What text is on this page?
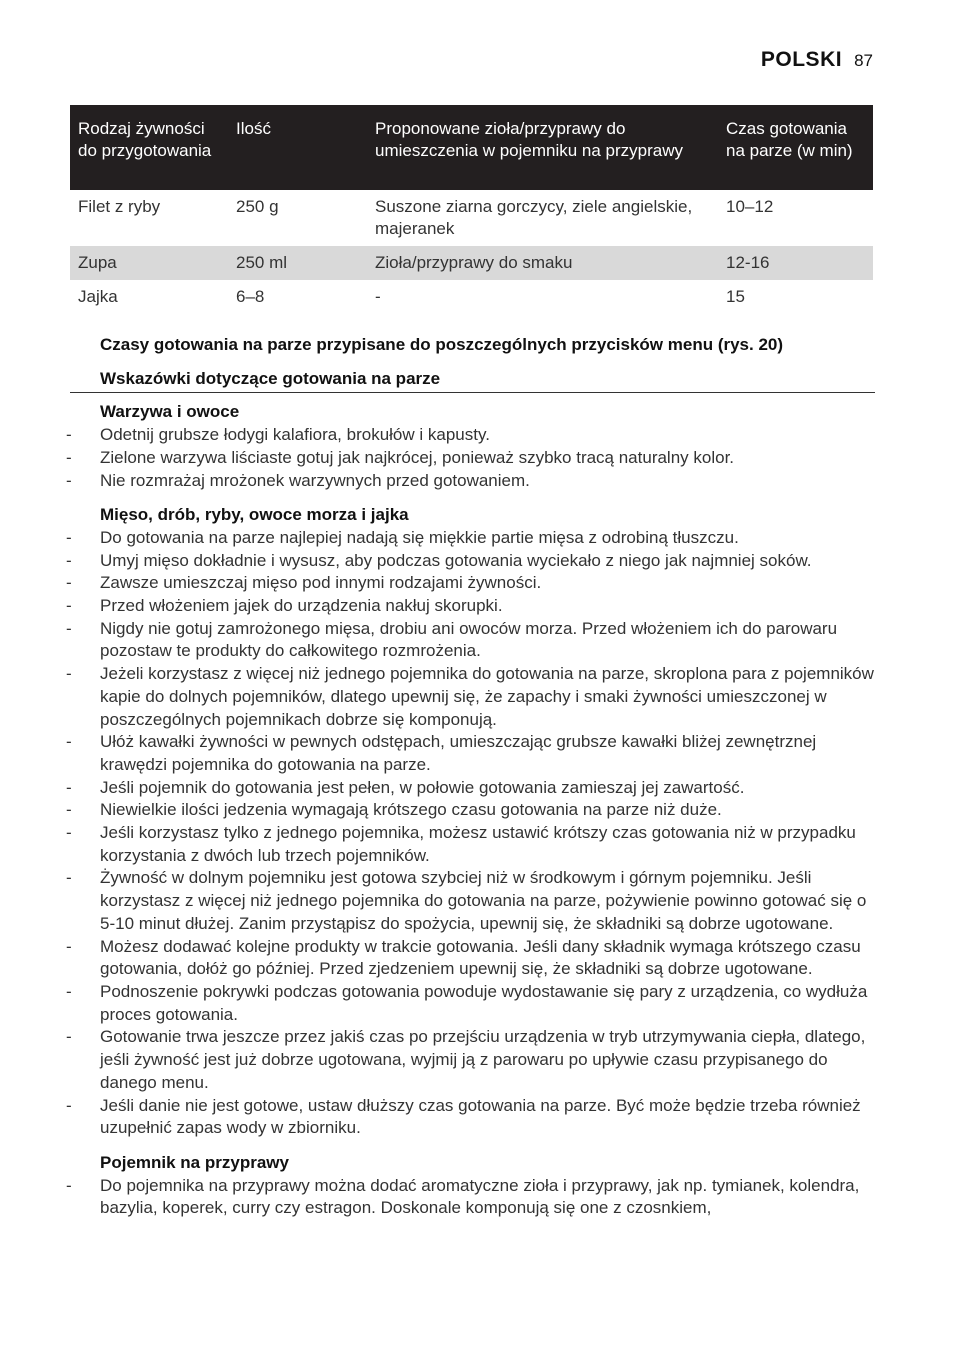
POLSKI 87
Rodzaj żywności do przygotowania	Ilość	Proponowane zioła/przyprawy do umieszczenia w pojemniku na przyprawy	Czas gotowania na parze (w min)
Filet z ryby	250 g	Suszone ziarna gorczycy, ziele angielskie, majeranek	10–12
Zupa	250 ml	Zioła/przyprawy do smaku	12-16
Jajka	6–8	-	15
Czasy gotowania na parze przypisane do poszczególnych przycisków menu (rys. 20)
Wskazówki dotyczące gotowania na parze
Warzywa i owoce
- Odetnij grubsze łodygi kalafiora, brokułów i kapusty.
- Zielone warzywa liściaste gotuj jak najkrócej, ponieważ szybko tracą naturalny kolor.
- Nie rozmrażaj mrożonek warzywnych przed gotowaniem.
Mięso, drób, ryby, owoce morza i jajka
- Do gotowania na parze najlepiej nadają się miękkie partie mięsa z odrobiną tłuszczu.
- Umyj mięso dokładnie i wysusz, aby podczas gotowania wyciekało z niego jak najmniej soków.
- Zawsze umieszczaj mięso pod innymi rodzajami żywności.
- Przed włożeniem jajek do urządzenia nakłuj skorupki.
- Nigdy nie gotuj zamrożonego mięsa, drobiu ani owoców morza. Przed włożeniem ich do parowaru pozostaw te produkty do całkowitego rozmrożenia.
- Jeżeli korzystasz z więcej niż jednego pojemnika do gotowania na parze, skroplona para z pojemników kapie do dolnych pojemników, dlatego upewnij się, że zapachy i smaki żywności umieszczonej w poszczególnych pojemnikach dobrze się komponują.
- Ułóż kawałki żywności w pewnych odstępach, umieszczając grubsze kawałki bliżej zewnętrznej krawędzi pojemnika do gotowania na parze.
- Jeśli pojemnik do gotowania jest pełen, w połowie gotowania zamieszaj jej zawartość.
- Niewielkie ilości jedzenia wymagają krótszego czasu gotowania na parze niż duże.
- Jeśli korzystasz tylko z jednego pojemnika, możesz ustawić krótszy czas gotowania niż w przypadku korzystania z dwóch lub trzech pojemników.
- Żywność w dolnym pojemniku jest gotowa szybciej niż w środkowym i górnym pojemniku. Jeśli korzystasz z więcej niż jednego pojemnika do gotowania na parze, pożywienie powinno gotować się o 5-10 minut dłużej. Zanim przystąpisz do spożycia, upewnij się, że składniki są dobrze ugotowane.
- Możesz dodawać kolejne produkty w trakcie gotowania. Jeśli dany składnik wymaga krótszego czasu gotowania, dołóż go później. Przed zjedzeniem upewnij się, że składniki są dobrze ugotowane.
- Podnoszenie pokrywki podczas gotowania powoduje wydostawanie się pary z urządzenia, co wydłuża proces gotowania.
- Gotowanie trwa jeszcze przez jakiś czas po przejściu urządzenia w tryb utrzymywania ciepła, dlatego, jeśli żywność jest już dobrze ugotowana, wyjmij ją z parowaru po upływie czasu przypisanego do danego menu.
- Jeśli danie nie jest gotowe, ustaw dłuższy czas gotowania na parze. Być może będzie trzeba również uzupełnić zapas wody w zbiorniku.
Pojemnik na przyprawy
- Do pojemnika na przyprawy można dodać aromatyczne zioła i przyprawy, jak np. tymianek, kolendra, bazylia, koperek, curry czy estragon. Doskonale komponują się one z czosnkiem,
